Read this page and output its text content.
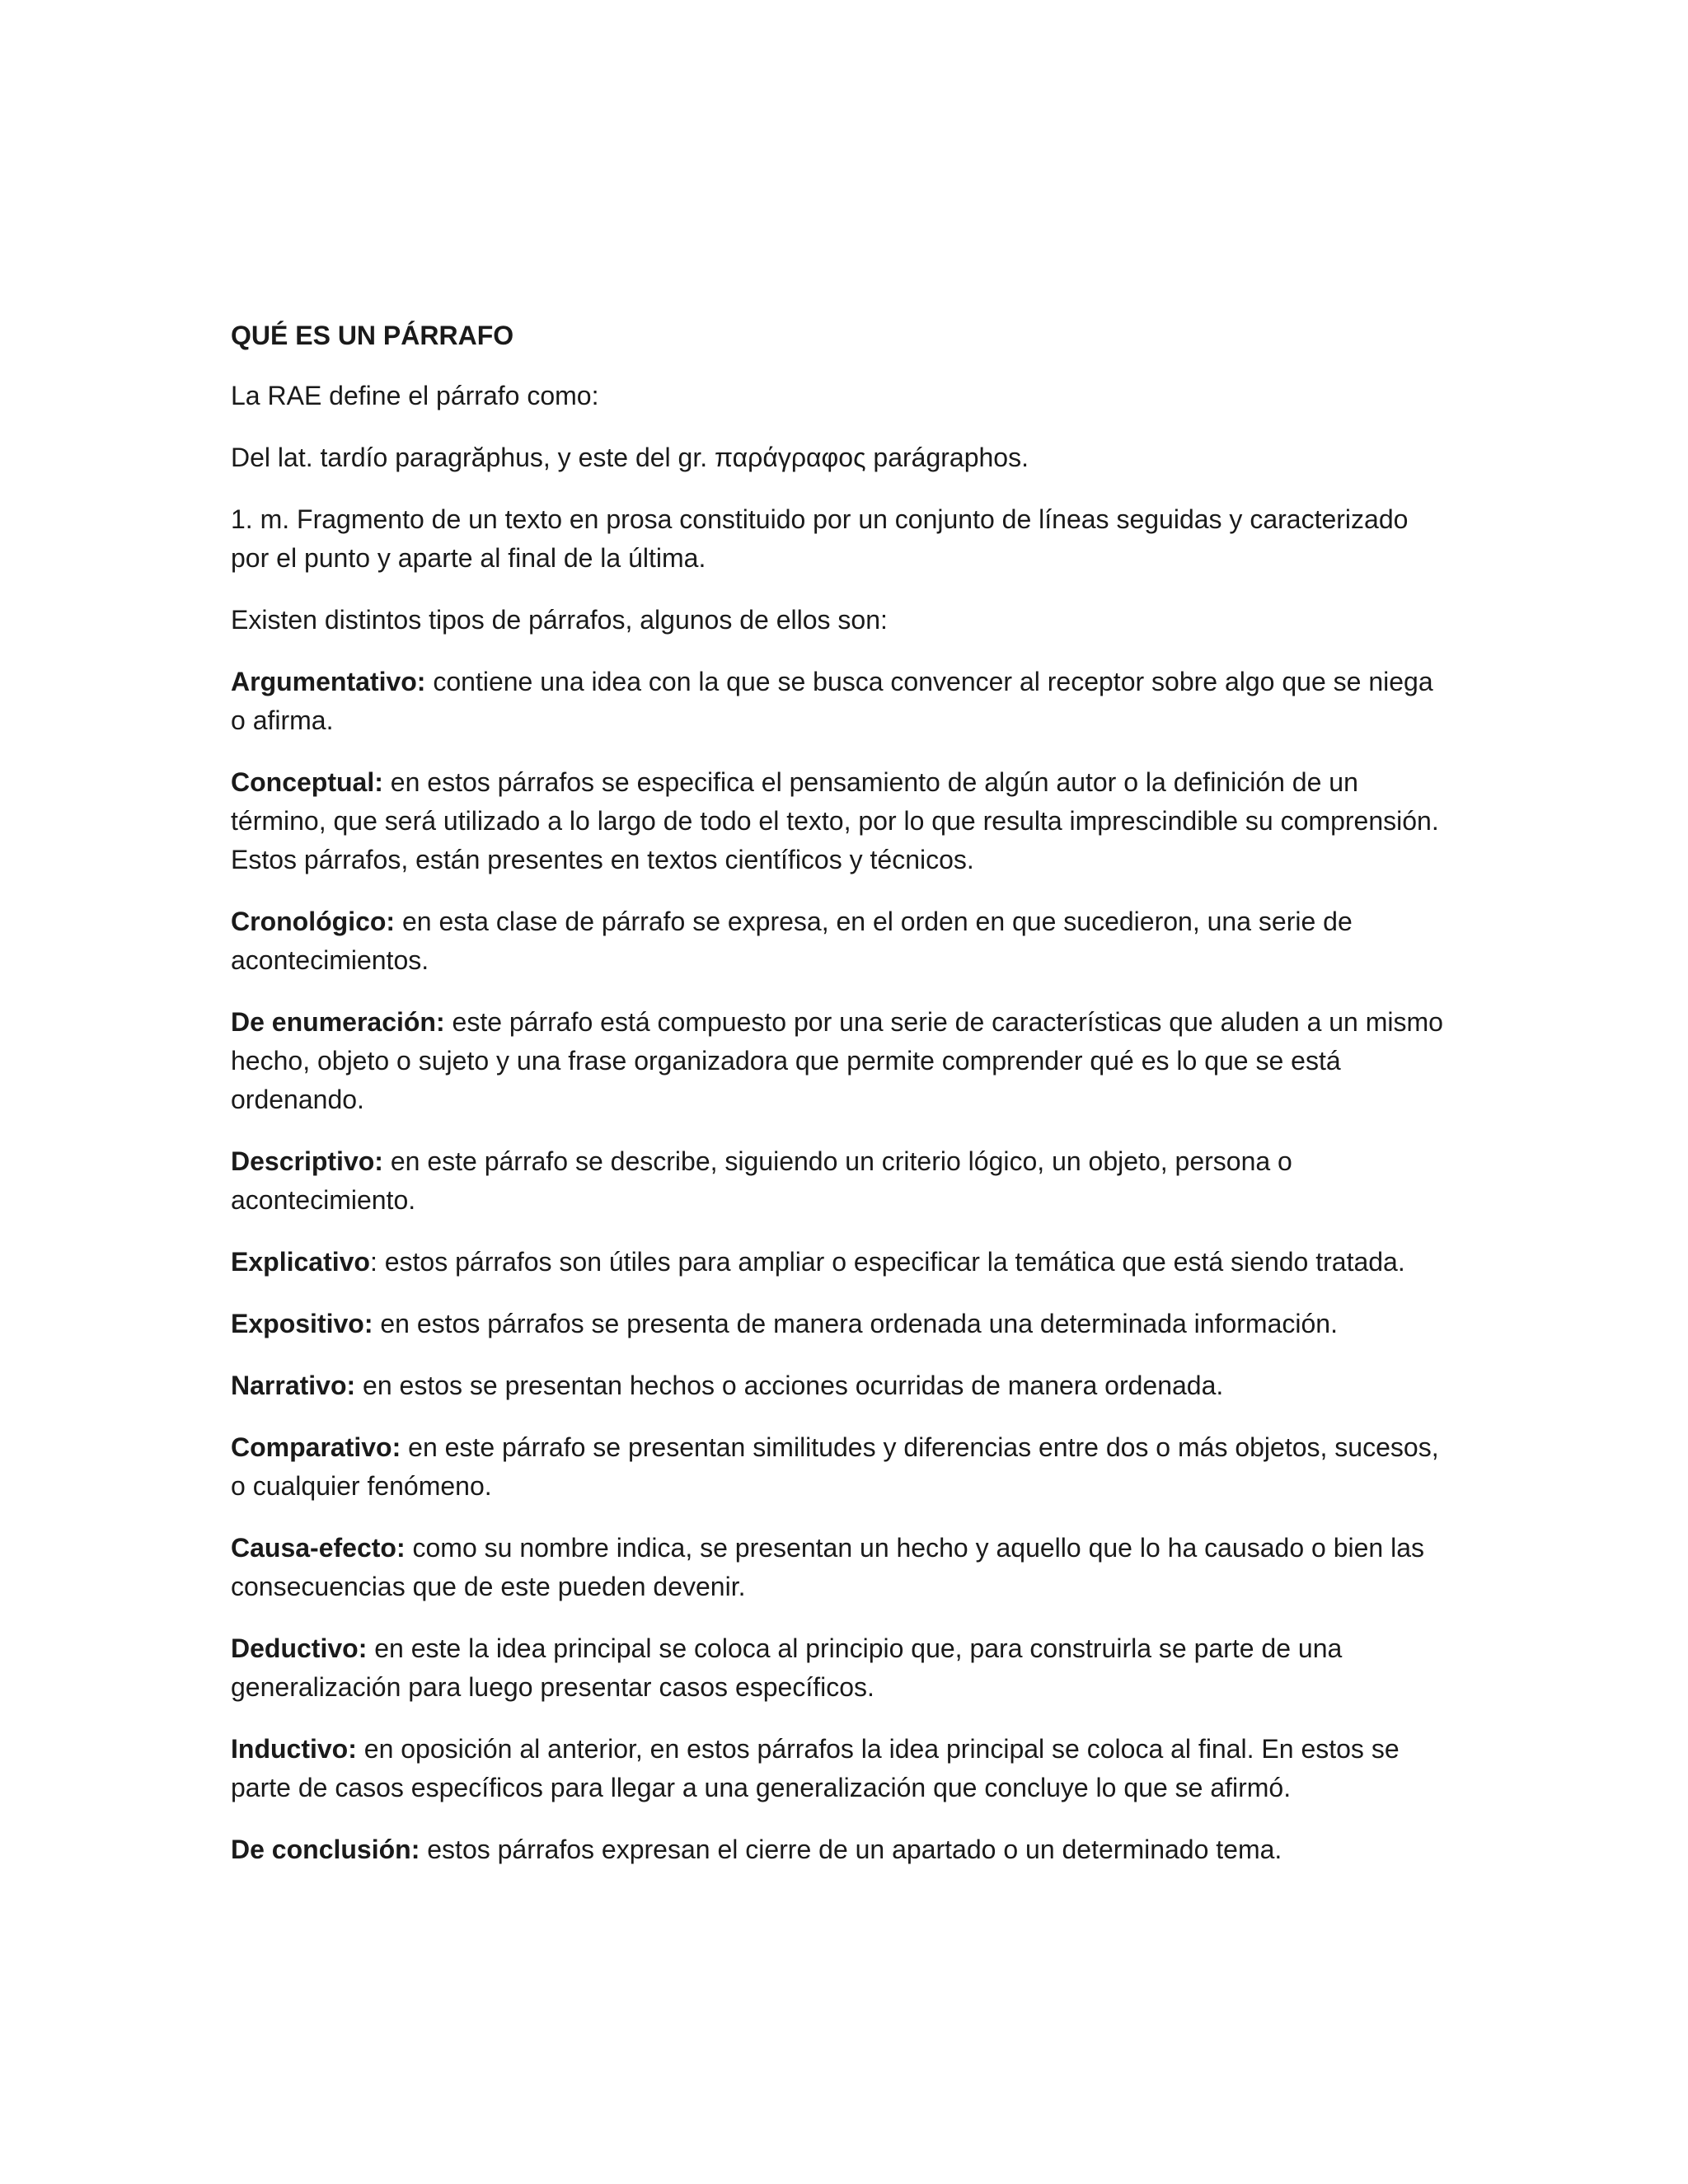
QUÉ ES UN PÁRRAFO

La RAE define el párrafo como:

Del lat. tardío paragrăphus, y este del gr. παράγραφος parágraphos.

1. m. Fragmento de un texto en prosa constituido por un conjunto de líneas seguidas y caracterizado por el punto y aparte al final de la última.

Existen distintos tipos de párrafos, algunos de ellos son:

Argumentativo: contiene una idea con la que se busca convencer al receptor sobre algo que se niega o afirma.

Conceptual: en estos párrafos se especifica el pensamiento de algún autor o la definición de un término, que será utilizado a lo largo de todo el texto, por lo que resulta imprescindible su comprensión. Estos párrafos, están presentes en textos científicos y técnicos.

Cronológico: en esta clase de párrafo se expresa, en el orden en que sucedieron, una serie de acontecimientos.

De enumeración: este párrafo está compuesto por una serie de características que aluden a un mismo hecho, objeto o sujeto y una frase organizadora que permite comprender qué es lo que se está ordenando.

Descriptivo: en este párrafo se describe, siguiendo un criterio lógico, un objeto, persona o acontecimiento.

Explicativo: estos párrafos son útiles para ampliar o especificar la temática que está siendo tratada.

Expositivo: en estos párrafos se presenta de manera ordenada una determinada información.

Narrativo: en estos se presentan hechos o acciones ocurridas de manera ordenada.

Comparativo: en este párrafo se presentan similitudes y diferencias entre dos o más objetos, sucesos, o cualquier fenómeno.

Causa-efecto: como su nombre indica, se presentan un hecho y aquello que lo ha causado o bien las consecuencias que de este pueden devenir.

Deductivo: en este la idea principal se coloca al principio que, para construirla se parte de una generalización para luego presentar casos específicos.

Inductivo: en oposición al anterior, en estos párrafos la idea principal se coloca al final. En estos se parte de casos específicos para llegar a una generalización que concluye lo que se afirmó.

De conclusión: estos párrafos expresan el cierre de un apartado o un determinado tema.
